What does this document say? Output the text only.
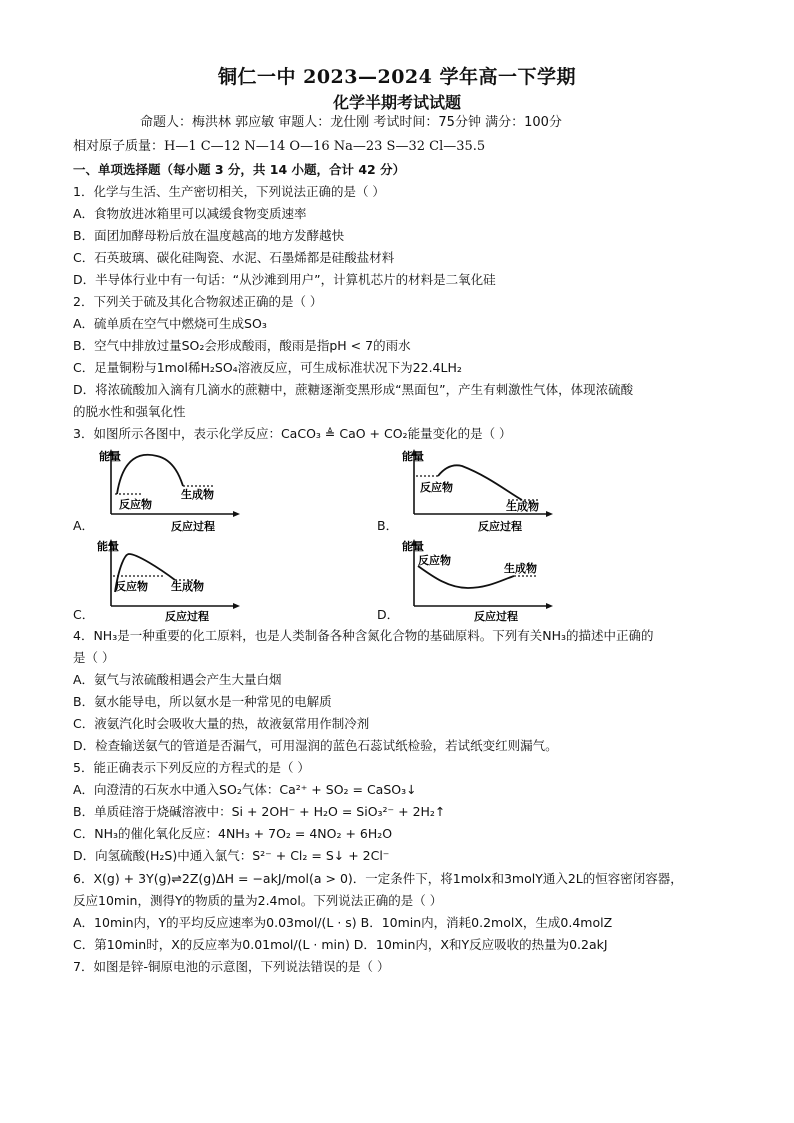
铜仁一中 2023—2024 学年高一下学期
化学半期考试试题
命题人：梅洪林 郭应敏 审题人：龙仕刚 考试时间：75分钟 满分：100分
相对原子质量：H—1 C—12 N—14 O—16 Na—23 S—32 Cl—35.5
一、单项选择题（每小题 3 分，共 14 小题，合计 42 分）
1．化学与生活、生产密切相关，下列说法正确的是（ ）
A．食物放进冰箱里可以减缓食物变质速率
B．面团加酵母粉后放在温度越高的地方发酵越快
C．石英玻璃、碳化硅陶瓷、水泥、石墨烯都是硅酸盐材料
D．半导体行业中有一句话：“从沙滩到用户”，计算机芯片的材料是二氧化硅
2．下列关于硫及其化合物叙述正确的是（ ）
A．硫单质在空气中燃烧可生成SO₃
B．空气中排放过量SO₂会形成酸雨，酸雨是指pH < 7的雨水
C．足量铜粉与1mol稀H₂SO₄溶液反应，可生成标准状况下为22.4LH₂
D．将浓硫酸加入滴有几滴水的蔗糖中，蔗糖逐渐变黑形成“黑面包”，产生有刺激性气体，体现浓硫酸
的脱水性和强氧化性
3．如图所示各图中，表示化学反应：CaCO₃ ≜ CaO + CO₂能量变化的是（ ）
A．
能量
反应过程
反应物
生成物
B．
能量
反应过程
反应物
生成物
C．
能量
反应过程
反应物 生成物
D．
能量
反应过程
反应物
生成物
4．NH₃是一种重要的化工原料，也是人类制备各种含氮化合物的基础原料。下列有关NH₃的描述中正确的
是（ ）
A．氨气与浓硫酸相遇会产生大量白烟
B．氨水能导电，所以氨水是一种常见的电解质
C．液氨汽化时会吸收大量的热，故液氨常用作制冷剂
D．检查输送氨气的管道是否漏气，可用湿润的蓝色石蕊试纸检验，若试纸变红则漏气。
5．能正确表示下列反应的方程式的是（ ）
A．向澄清的石灰水中通入SO₂气体：Ca²⁺ + SO₂ = CaSO₃↓
B．单质硅溶于烧碱溶液中：Si + 2OH⁻ + H₂O = SiO₃²⁻ + 2H₂↑
C．NH₃的催化氧化反应：4NH₃ + 7O₂ = 4NO₂ + 6H₂O
D．向氢硫酸(H₂S)中通入氯气：S²⁻ + Cl₂ = S↓ + 2Cl⁻
6．X(g) + 3Y(g)⇌2Z(g)ΔH = −akJ/mol(a > 0)．一定条件下，将1molx和3molY通入2L的恒容密闭容器，
反应10min，测得Y的物质的量为2.4mol。下列说法正确的是（ ）
A．10min内，Y的平均反应速率为0.03mol/(L · s) B．10min内，消耗0.2molX，生成0.4molZ
C．第10min时，X的反应率为0.01mol/(L · min) D．10min内，X和Y反应吸收的热量为0.2akJ
7．如图是锌-铜原电池的示意图，下列说法错误的是（ ）
